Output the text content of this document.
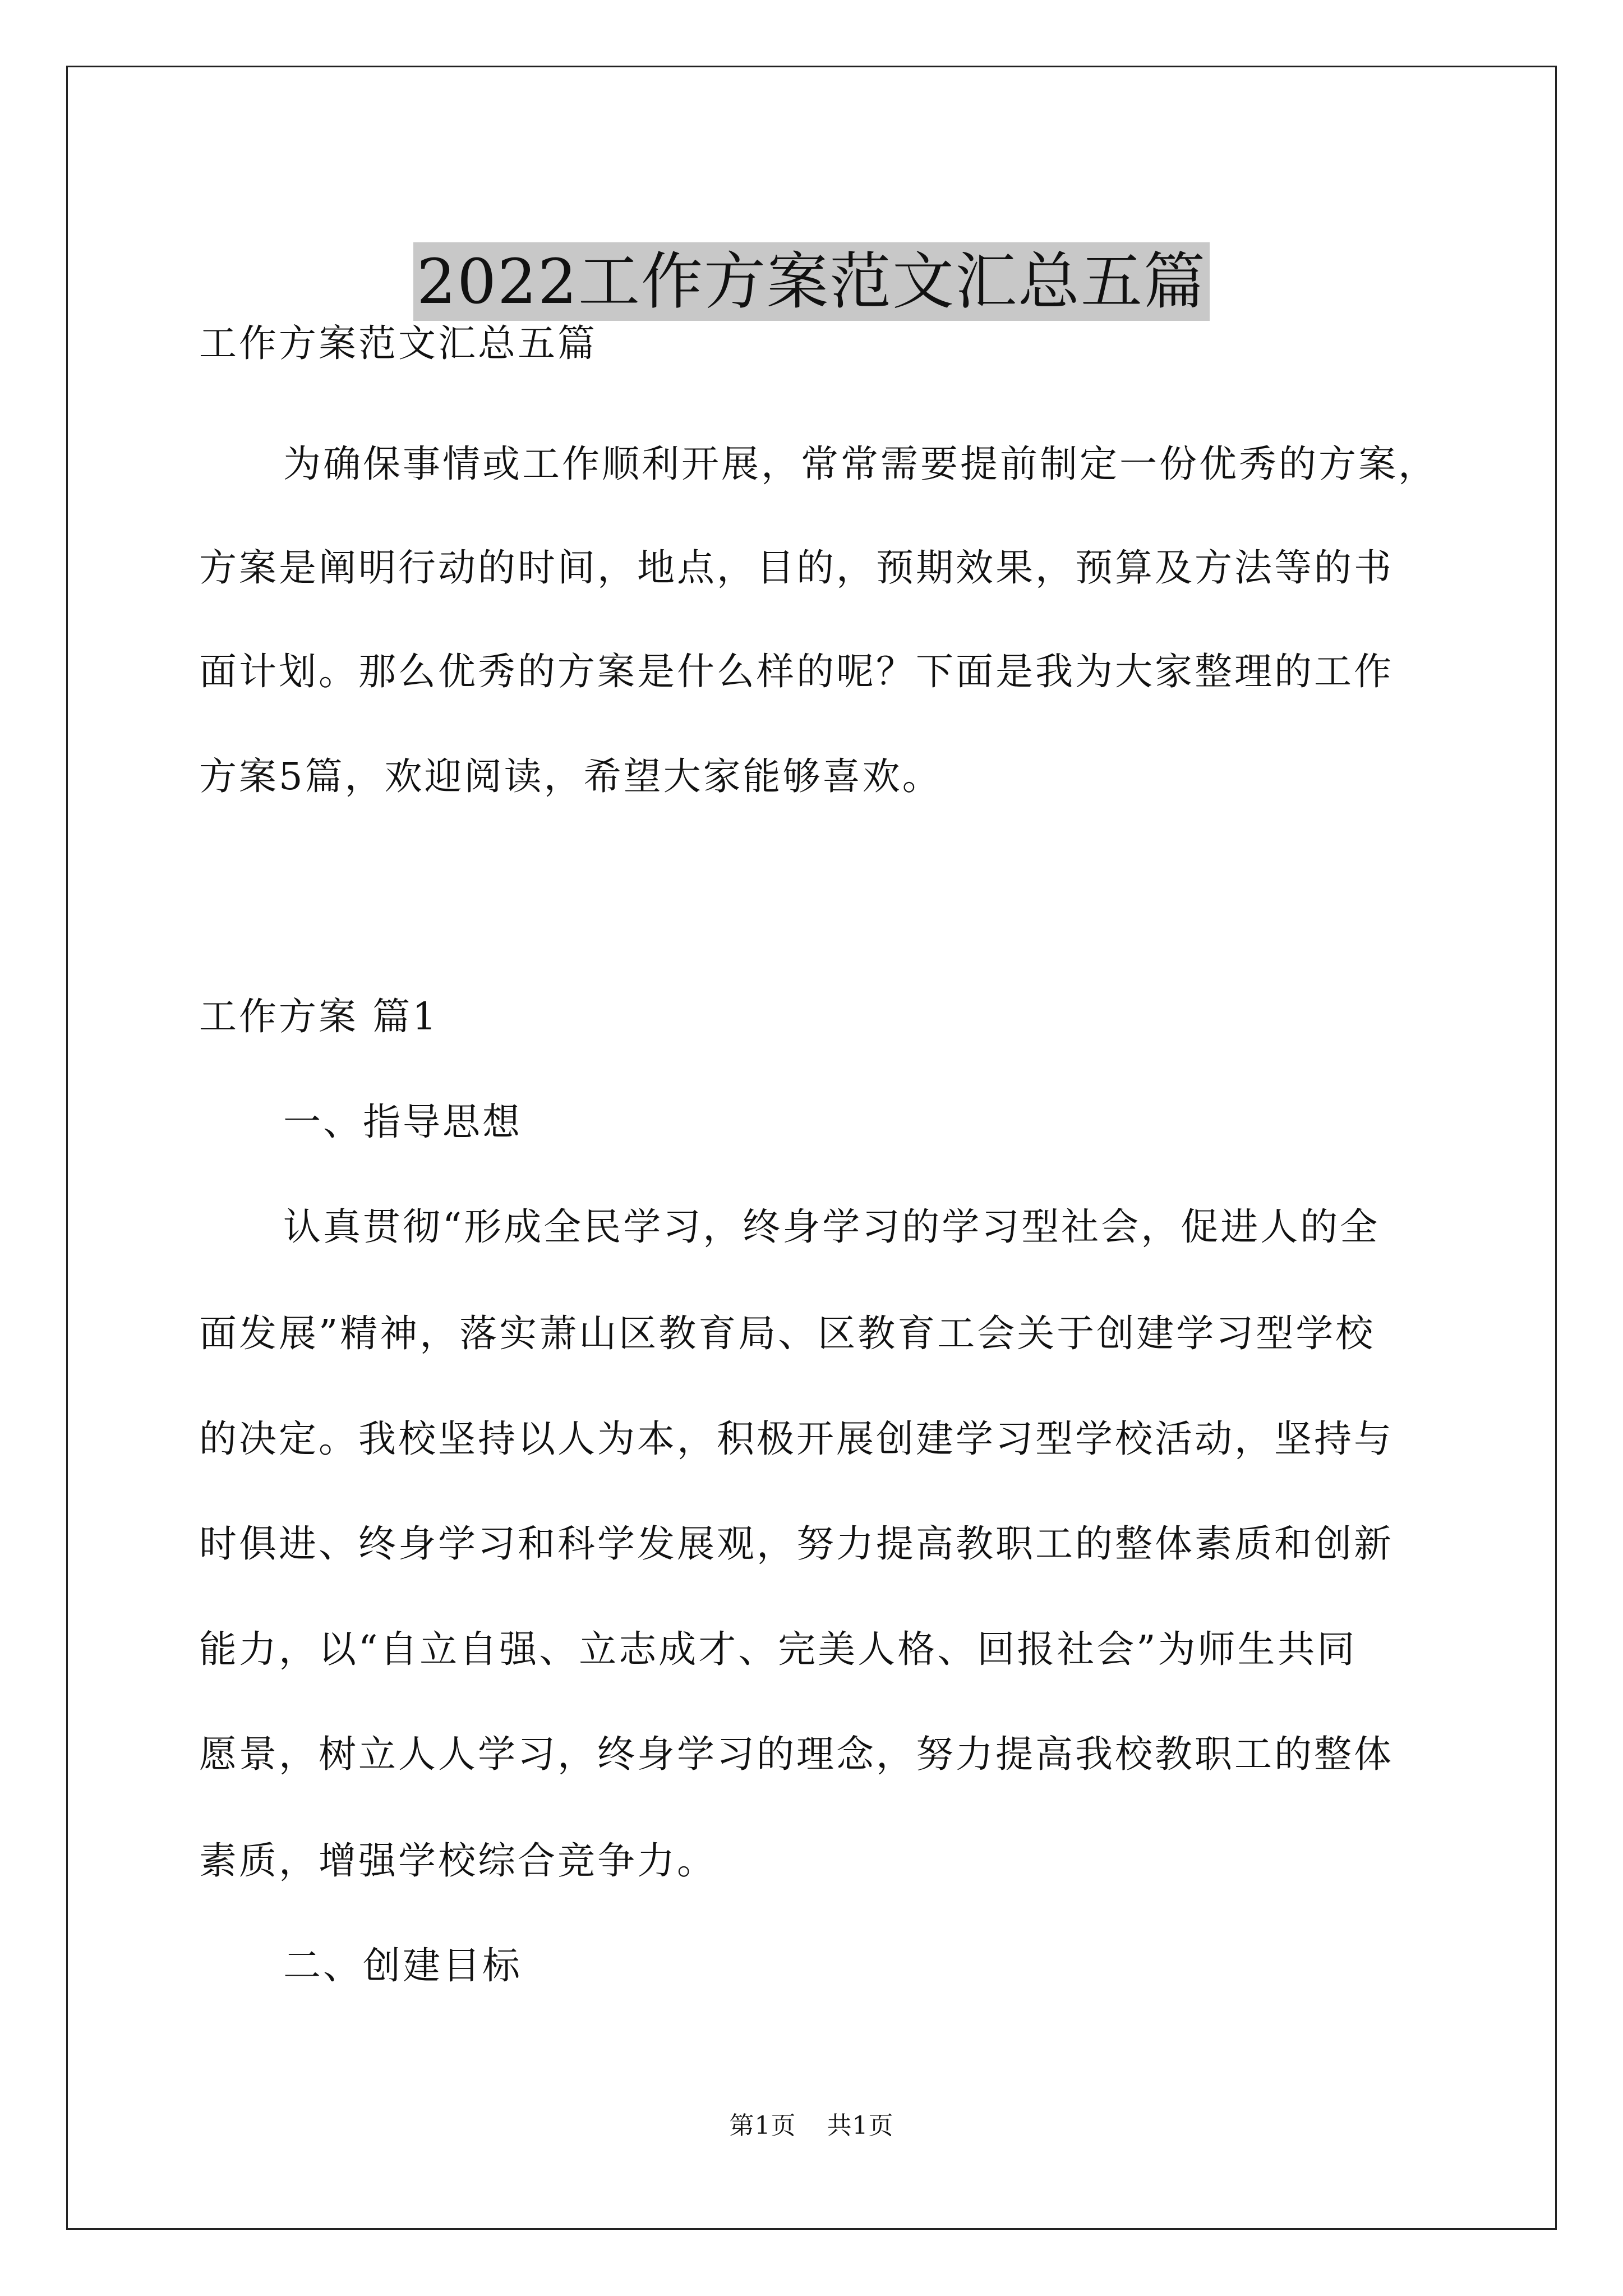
2022工作方案范文汇总五篇

工作方案范文汇总五篇

为确保事情或工作顺利开展，常常需要提前制定一份优秀的方案，

方案是阐明行动的时间，地点，目的，预期效果，预算及方法等的书

面计划。那么优秀的方案是什么样的呢？下面是我为大家整理的工作

方案5篇，欢迎阅读，希望大家能够喜欢。

工作方案 篇1

一、指导思想

认真贯彻“形成全民学习，终身学习的学习型社会，促进人的全

面发展”精神，落实萧山区教育局、区教育工会关于创建学习型学校

的决定。我校坚持以人为本，积极开展创建学习型学校活动，坚持与

时俱进、终身学习和科学发展观，努力提高教职工的整体素质和创新

能力，以“自立自强、立志成才、完美人格、回报社会”为师生共同

愿景，树立人人学习，终身学习的理念，努力提高我校教职工的整体

素质，增强学校综合竞争力。

二、创建目标

第1页 共1页
